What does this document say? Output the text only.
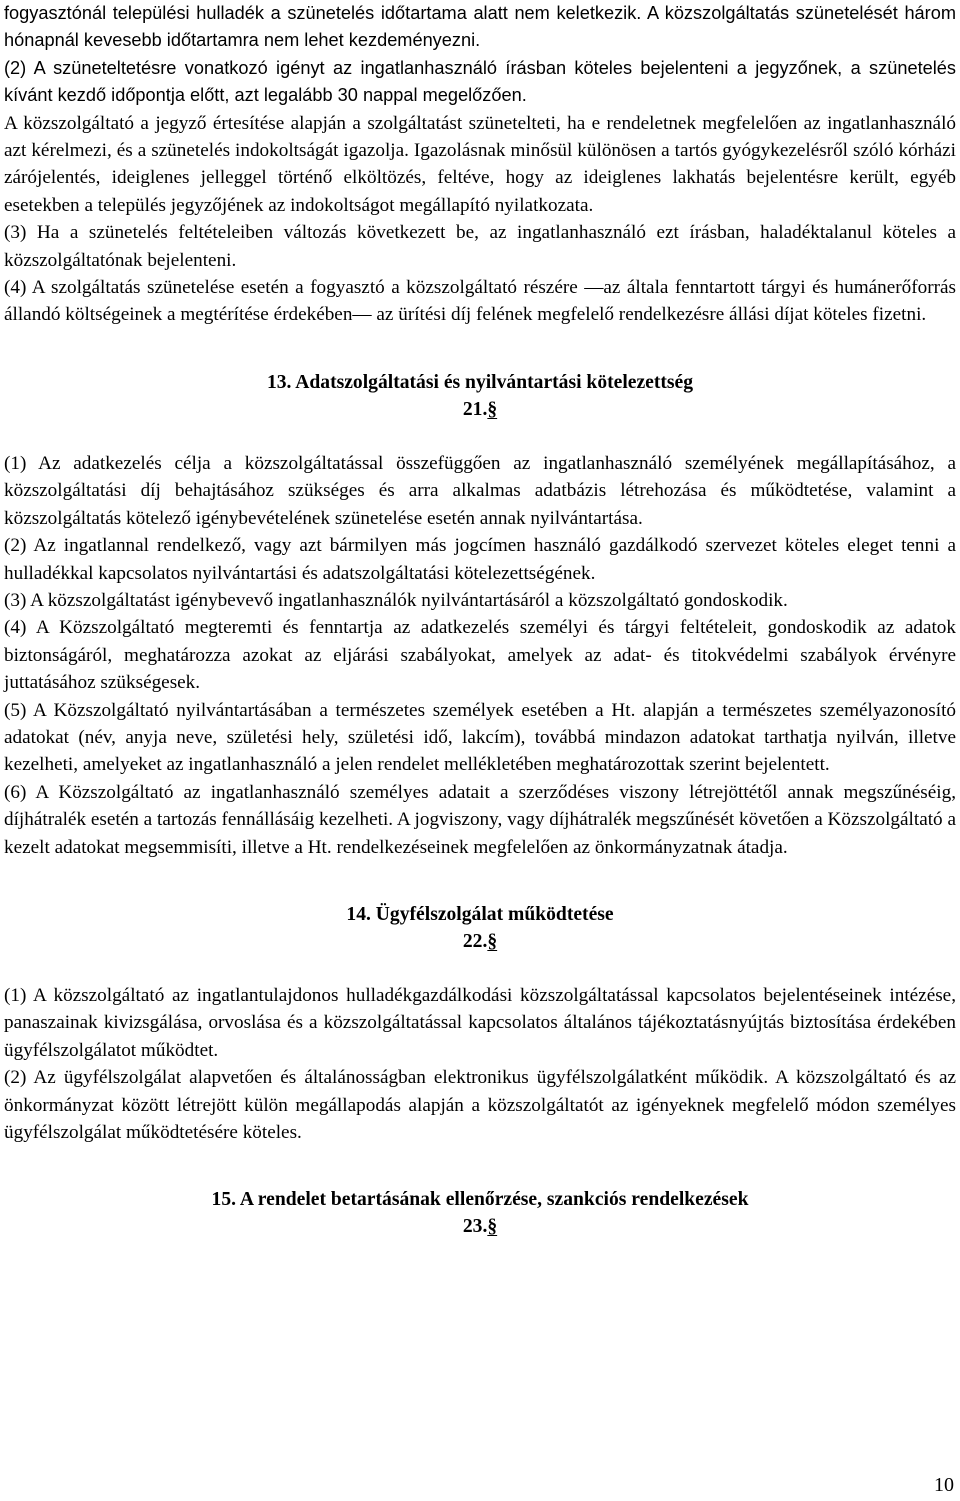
fogyasztónál települési hulladék a szünetelés időtartama alatt nem keletkezik. A közszolgáltatás szünetelését három hónapnál kevesebb időtartamra nem lehet kezdeményezni.

(2) A szüneteltetésre vonatkozó igényt az ingatlanhasználó írásban köteles bejelenteni a jegyzőnek, a szünetelés kívánt kezdő időpontja előtt, azt legalább 30 nappal megelőzően.

A közszolgáltató a jegyző értesítése alapján a szolgáltatást szünetelteti, ha e rendeletnek megfelelően az ingatlanhasználó azt kérelmezi, és a szünetelés indokoltságát igazolja. Igazolásnak minősül különösen a tartós gyógykezelésről szóló kórházi zárójelentés, ideiglenes jelleggel történő elköltözés, feltéve, hogy az ideiglenes lakhatás bejelentésre került, egyéb esetekben a település jegyzőjének az indokoltságot megállapító nyilatkozata.

(3) Ha a szünetelés feltételeiben változás következett be, az ingatlanhasználó ezt írásban, haladéktalanul köteles a közszolgáltatónak bejelenteni.

(4) A szolgáltatás szünetelése esetén a fogyasztó a közszolgáltató részére —az általa fenntartott tárgyi és humánerőforrás állandó költségeinek a megtérítése érdekében— az ürítési díj felének megfelelő rendelkezésre állási díjat köteles fizetni.

13. Adatszolgáltatási és nyilvántartási kötelezettség

21.§

(1) Az adatkezelés célja a közszolgáltatással összefüggően az ingatlanhasználó személyének megállapításához, a közszolgáltatási díj behajtásához szükséges és arra alkalmas adatbázis létrehozása és működtetése, valamint a közszolgáltatás kötelező igénybevételének szünetelése esetén annak nyilvántartása.

(2) Az ingatlannal rendelkező, vagy azt bármilyen más jogcímen használó gazdálkodó szervezet köteles eleget tenni a hulladékkal kapcsolatos nyilvántartási és adatszolgáltatási kötelezettségének.

(3) A közszolgáltatást igénybevevő ingatlanhasználók nyilvántartásáról a közszolgáltató gondoskodik.

(4) A Közszolgáltató megteremti és fenntartja az adatkezelés személyi és tárgyi feltételeit, gondoskodik az adatok biztonságáról, meghatározza azokat az eljárási szabályokat, amelyek az adat- és titokvédelmi szabályok érvényre juttatásához szükségesek.

(5) A Közszolgáltató nyilvántartásában a természetes személyek esetében a Ht. alapján a természetes személyazonosító adatokat (név, anyja neve, születési hely, születési idő, lakcím), továbbá mindazon adatokat tarthatja nyilván, illetve kezelheti, amelyeket az ingatlanhasználó a jelen rendelet mellékletében meghatározottak szerint bejelentett.

(6) A Közszolgáltató az ingatlanhasználó személyes adatait a szerződéses viszony létrejöttétől annak megszűnéséig, díjhátralék esetén a tartozás fennállásáig kezelheti. A jogviszony, vagy díjhátralék megszűnését követően a Közszolgáltató a kezelt adatokat megsemmisíti, illetve a Ht. rendelkezéseinek megfelelően az önkormányzatnak átadja.

14. Ügyfélszolgálat működtetése

22.§

(1) A közszolgáltató az ingatlantulajdonos hulladékgazdálkodási közszolgáltatással kapcsolatos bejelentéseinek intézése, panaszainak kivizsgálása, orvoslása és a közszolgáltatással kapcsolatos általános tájékoztatásnyújtás biztosítása érdekében ügyfélszolgálatot működtet.

(2) Az ügyfélszolgálat alapvetően és általánosságban elektronikus ügyfélszolgálatként működik. A közszolgáltató és az önkormányzat között létrejött külön megállapodás alapján a közszolgáltatót az igényeknek megfelelő módon személyes ügyfélszolgálat működtetésére köteles.

15. A rendelet betartásának ellenőrzése, szankciós rendelkezések

23.§

10
